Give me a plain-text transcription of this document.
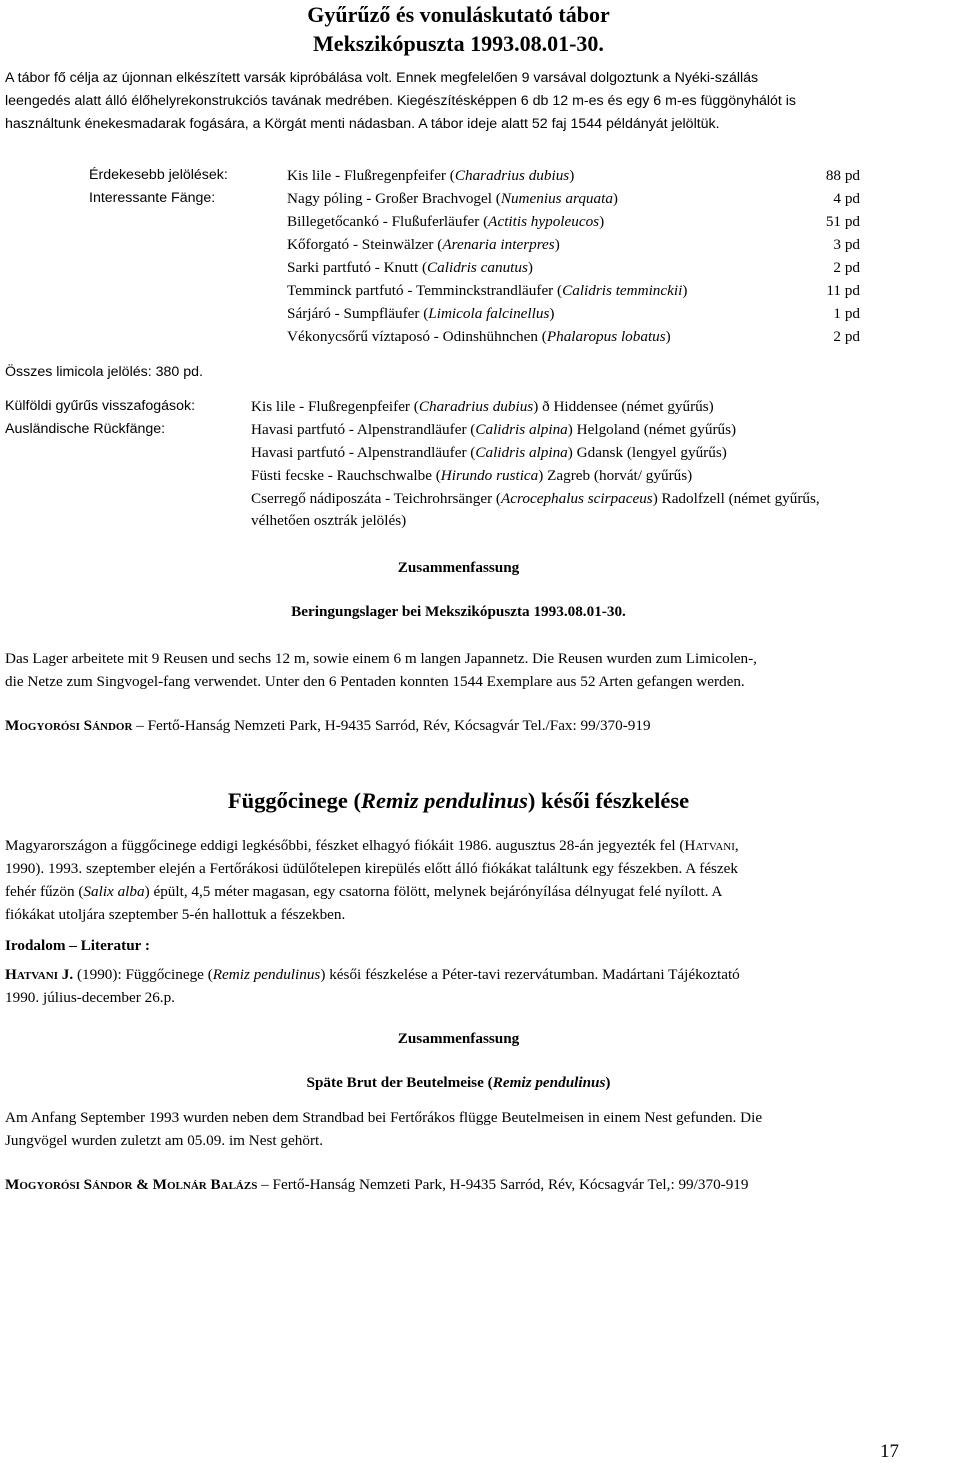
Gyűrűző és vonuláskutató tábor
Mekszikópuszta 1993.08.01-30.
A tábor fő célja az újonnan elkészített varsák kipróbálása volt. Ennek megfelelően 9 varsával dolgoztunk a Nyéki-szállás
leengedés alatt álló élőhelyrekonstrukciós tavának medrében. Kiegészítésképpen 6 db 12 m-es és egy 6 m-es függönyhálót is
használtunk énekesmadarak fogására, a Körgát menti nádasban. A tábor ideje alatt 52 faj 1544 példányát jelöltük.
Érdekesebb jelölések:
Interessante Fänge:
Kis lile - Flußregenpfeifer (Charadrius dubius)	88 pd
Nagy póling - Großer Brachvogel (Numenius arquata)	4 pd
Billegetőcankó - Flußuferläufer (Actitis hypoleucos)	51 pd
Kőforgató - Steinwälzer (Arenaria interpres)	3 pd
Sarki partfutó - Knutt (Calidris canutus)	2 pd
Temminck partfutó - Temminckstrandläufer (Calidris temminckii)	11 pd
Sárjáró - Sumpfläufer (Limicola falcinellus)	1 pd
Vékonycsőrű víztaposó - Odinshühnchen (Phalaropus lobatus)	2 pd
Összes limicola jelölés: 380 pd.
Külföldi gyűrűs visszafogások:
Ausländische Rückfänge:
Kis lile - Flußregenpfeifer (Charadrius dubius) ð Hiddensee (német gyűrűs)
Havasi partfutó - Alpenstrandläufer (Calidris alpina) Helgoland (német gyűrűs)
Havasi partfutó - Alpenstrandläufer (Calidris alpina) Gdansk (lengyel gyűrűs)
Füsti fecske - Rauchschwalbe (Hirundo rustica) Zagreb (horvát/ gyűrűs)
Cserregő nádiposzáta - Teichrohrsänger (Acrocephalus scirpaceus) Radolfzell (német gyűrűs,
vélhetően osztrák jelölés)
Zusammenfassung
Beringungslager bei Mekszikópuszta 1993.08.01-30.
Das Lager arbeitete mit 9 Reusen und sechs 12 m, sowie einem 6 m langen Japannetz. Die Reusen wurden zum Limicolen-,
die Netze zum Singvogel-fang verwendet. Unter den 6 Pentaden konnten 1544 Exemplare aus 52 Arten gefangen werden.
Mogyorósi Sándor – Fertő-Hanság Nemzeti Park, H-9435 Sarród, Rév, Kócsagvár Tel./Fax: 99/370-919
Függőcinege (Remiz pendulinus) késői fészkelése
Magyarországon a függőcinege eddigi legkésőbbi, fészket elhagyó fiókáit 1986. augusztus 28-án jegyezték fel (Hatvani,
1990). 1993. szeptember elején a Fertőrákosi üdülőtelepen kirepülés előtt álló fiókákat találtunk egy fészekben. A fészek
fehér fűzön (Salix alba) épült, 4,5 méter magasan, egy csatorna fölött, melynek bejárónyílása délnyugat felé nyílott. A
fiókákat utoljára szeptember 5-én hallottuk a fészekben.
Irodalom – Literatur :
Hatvani J. (1990): Függőcinege (Remiz pendulinus) késői fészkelése a Péter-tavi rezervátumban. Madártani Tájékoztató
1990. július-december 26.p.
Zusammenfassung
Späte Brut der Beutelmeise (Remiz pendulinus)
Am Anfang September 1993 wurden neben dem Strandbad bei Fertőrákos flügge Beutelmeisen in einem Nest gefunden. Die
Jungvögel wurden zuletzt am 05.09. im Nest gehört.
Mogyorósi Sándor & Molnár Balázs – Fertő-Hanság Nemzeti Park, H-9435 Sarród, Rév, Kócsagvár Tel,: 99/370-919
17
